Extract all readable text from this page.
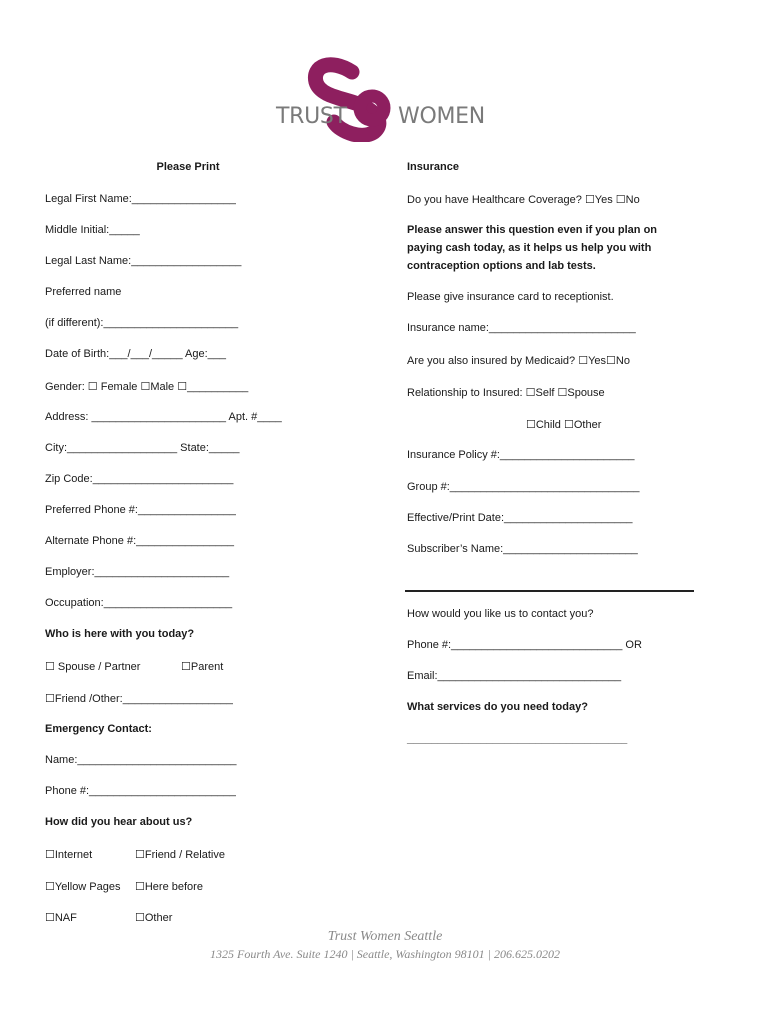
TRUST WOMEN
Please Print
Legal First Name:_________________
Middle Initial:_____
Legal Last Name:__________________
Preferred name
(if different):______________________
Date of Birth:___/___/_____ Age:___
Gender: ☐ Female ☐Male ☐__________
Address: ______________________ Apt. #____
City:__________________ State:_____
Zip Code:_______________________
Preferred Phone #:________________
Alternate Phone #:________________
Employer:______________________
Occupation:_____________________
Who is here with you today?
☐ Spouse / Partner	☐Parent
☐Friend /Other:__________________
Emergency Contact:
Name:__________________________
Phone #:________________________
How did you hear about us?
☐Internet	☐Friend / Relative
☐Yellow Pages ☐Here before
☐NAF	☐Other
Insurance
Do you have Healthcare Coverage? ☐Yes ☐No
Please answer this question even if you plan on
paying cash today, as it helps us help you with
contraception options and lab tests.
Please give insurance card to receptionist.
Insurance name:________________________
Are you also insured by Medicaid? ☐Yes☐No
Relationship to Insured: ☐Self ☐Spouse
☐Child ☐Other
Insurance Policy #:______________________
Group #:_______________________________
Effective/Print Date:_____________________
Subscriber’s Name:______________________
How would you like us to contact you?
Phone #:____________________________ OR
Email:______________________________
What services do you need today?
____________________________________
Trust Women Seattle
1325 Fourth Ave. Suite 1240 | Seattle, Washington 98101 | 206.625.0202
